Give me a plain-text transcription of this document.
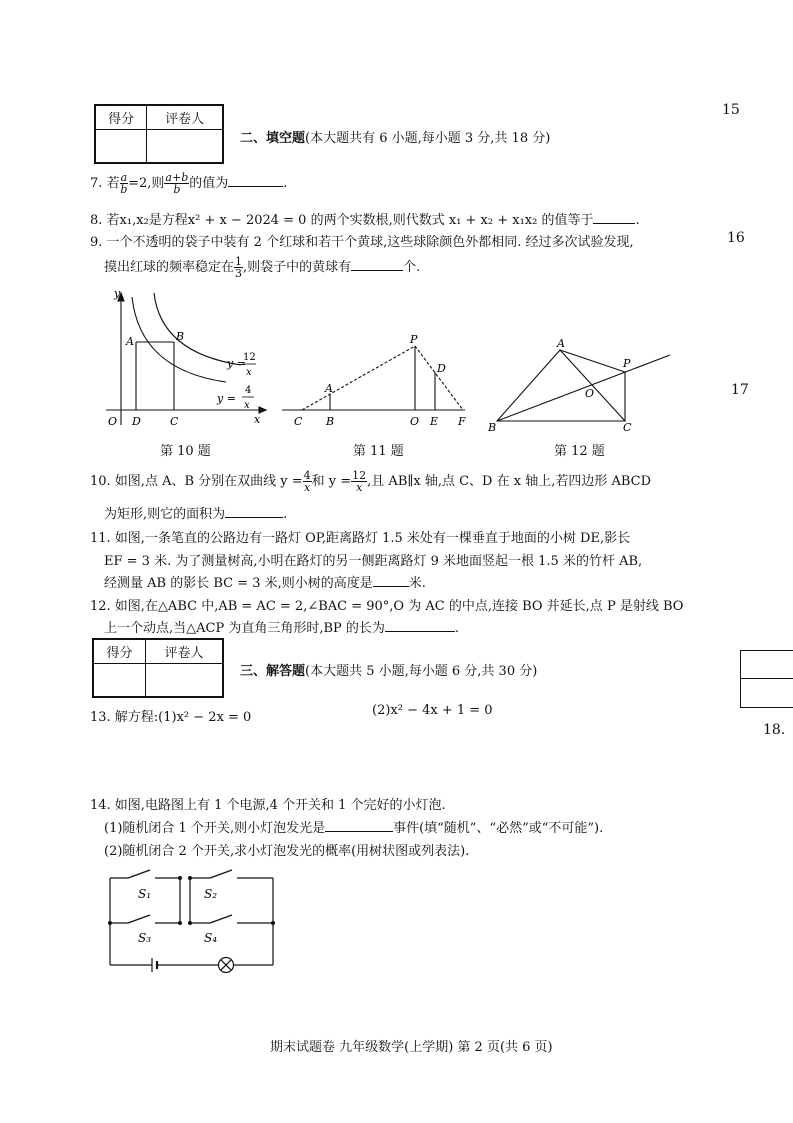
15
16
17
18.
得分	评卷人

二、填空题(本大题共有 6 小题,每小题 3 分,共 18 分)
7. 若 $\frac{a}{b} =2$,则 $\frac{a+b}{b}$ 的值为	.
8. 若x₁,x₂是方程x² + x − 2024 = 0 的两个实数根,则代数式 x₁ + x₂ + x₁x₂ 的值等于	.
9. 一个不透明的袋子中装有 2 个红球和若干个黄球,这些球除颜色外都相同. 经过多次试验发现,
摸出红球的频率稳定在 $\frac{1}{3}$ ,则袋子中的黄球有	个.
y
A	B
O D	C	x
y =
12
x
y =
4
x
第 10 题
P
A
D
C B	O E F
第 11 题
A
P
O
B	C
第 12 题
10. 如图,点 A、B 分别在双曲线 $y = \frac{4}{x}$ 和 $y = \frac{12}{x}$ ,且 AB∥x 轴,点 C、D 在 x 轴上,若四边形 ABCD
为矩形,则它的面积为	.
11. 如图,一条笔直的公路边有一路灯 OP,距离路灯 1.5 米处有一棵垂直于地面的小树 DE,影长
EF = 3 米. 为了测量树高,小明在路灯的另一侧距离路灯 9 米地面竖起一根 1.5 米的竹杆 AB,
经测量 AB 的影长 BC = 3 米,则小树的高度是	米.
12. 如图,在△ABC 中,AB = AC = 2,∠BAC = 90°,O 为 AC 的中点,连接 BO 并延长,点 P 是射线 BO
上一个动点,当△ACP 为直角三角形时,BP 的长为	.
得分	评卷人

三、解答题(本大题共 5 小题,每小题 6 分,共 30 分)
13. 解方程:(1)x² − 2x = 0	(2)x² − 4x + 1 = 0
14. 如图,电路图上有 1 个电源,4 个开关和 1 个完好的小灯泡.
(1)随机闭合 1 个开关,则小灯泡发光是	事件(填“随机”、“必然”或“不可能”).
(2)随机闭合 2 个开关,求小灯泡发光的概率(用树状图或列表法).
S₁	S₂
S₃	S₄
期末试题卷 九年级数学(上学期) 第 2 页(共 6 页)
